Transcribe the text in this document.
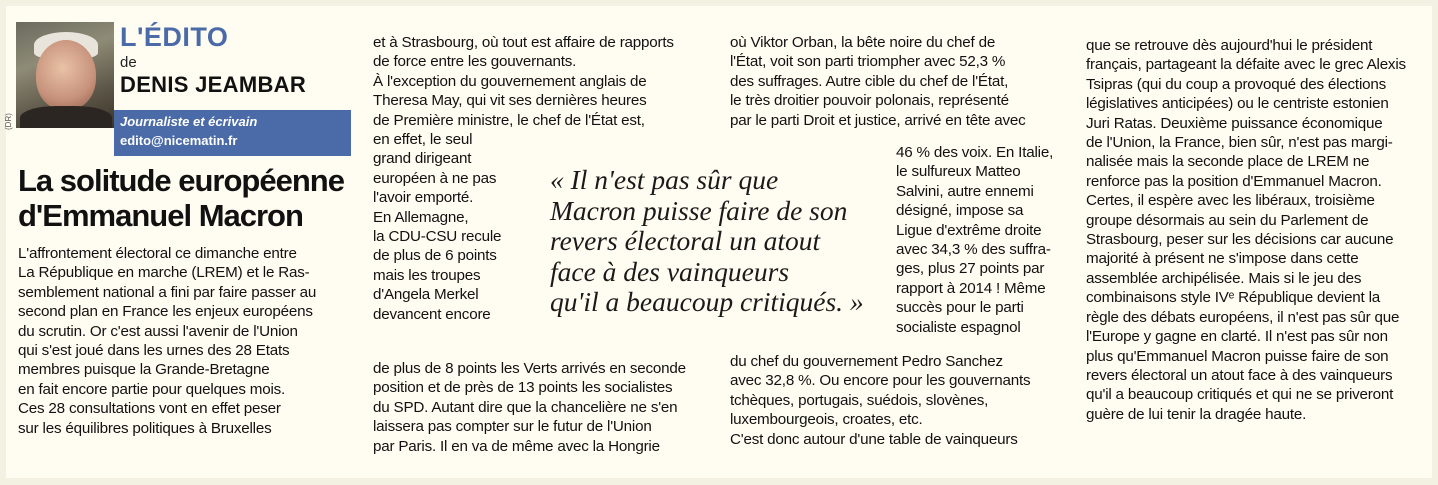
(DR)
L'ÉDITO
de
DENIS JEAMBAR
Journaliste et écrivain
edito@nicematin.fr
La solitude européenne
d'Emmanuel Macron
L'affrontement électoral ce dimanche entre
La République en marche (LREM) et le Ras-
semblement national a fini par faire passer au
second plan en France les enjeux européens
du scrutin. Or c'est aussi l'avenir de l'Union
qui s'est joué dans les urnes des 28 Etats
membres puisque la Grande-Bretagne
en fait encore partie pour quelques mois.
Ces 28 consultations vont en effet peser
sur les équilibres politiques à Bruxelles
et à Strasbourg, où tout est affaire de rapports
de force entre les gouvernants.
À l'exception du gouvernement anglais de
Theresa May, qui vit ses dernières heures
de Première ministre, le chef de l'État est,
en effet, le seul
grand dirigeant
européen à ne pas
l'avoir emporté.
En Allemagne,
la CDU-CSU recule
de plus de 6 points
mais les troupes
d'Angela Merkel
devancent encore
de plus de 8 points les Verts arrivés en seconde
position et de près de 13 points les socialistes
du SPD. Autant dire que la chancelière ne s'en
laissera pas compter sur le futur de l'Union
par Paris. Il en va de même avec la Hongrie
où Viktor Orban, la bête noire du chef de
l'État, voit son parti triompher avec 52,3 %
des suffrages. Autre cible du chef de l'État,
le très droitier pouvoir polonais, représenté
par le parti Droit et justice, arrivé en tête avec
46 % des voix. En Italie,
le sulfureux Matteo
Salvini, autre ennemi
désigné, impose sa
Ligue d'extrême droite
avec 34,3 % des suffra-
ges, plus 27 points par
rapport à 2014 ! Même
succès pour le parti
socialiste espagnol
du chef du gouvernement Pedro Sanchez
avec 32,8 %. Ou encore pour les gouvernants
tchèques, portugais, suédois, slovènes,
luxembourgeois, croates, etc.
C'est donc autour d'une table de vainqueurs
que se retrouve dès aujourd'hui le président
français, partageant la défaite avec le grec Alexis
Tsipras (qui du coup a provoqué des élections
législatives anticipées) ou le centriste estonien
Juri Ratas. Deuxième puissance économique
de l'Union, la France, bien sûr, n'est pas margi-
nalisée mais la seconde place de LREM ne
renforce pas la position d'Emmanuel Macron.
Certes, il espère avec les libéraux, troisième
groupe désormais au sein du Parlement de
Strasbourg, peser sur les décisions car aucune
majorité à présent ne s'impose dans cette
assemblée archipélisée. Mais si le jeu des
combinaisons style IVᵉ République devient la
règle des débats européens, il n'est pas sûr que
l'Europe y gagne en clarté. Il n'est pas sûr non
plus qu'Emmanuel Macron puisse faire de son
revers électoral un atout face à des vainqueurs
qu'il a beaucoup critiqués et qui ne se priveront
guère de lui tenir la dragée haute.
« Il n'est pas sûr que
Macron puisse faire de son
revers électoral un atout
face à des vainqueurs
qu'il a beaucoup critiqués. »
